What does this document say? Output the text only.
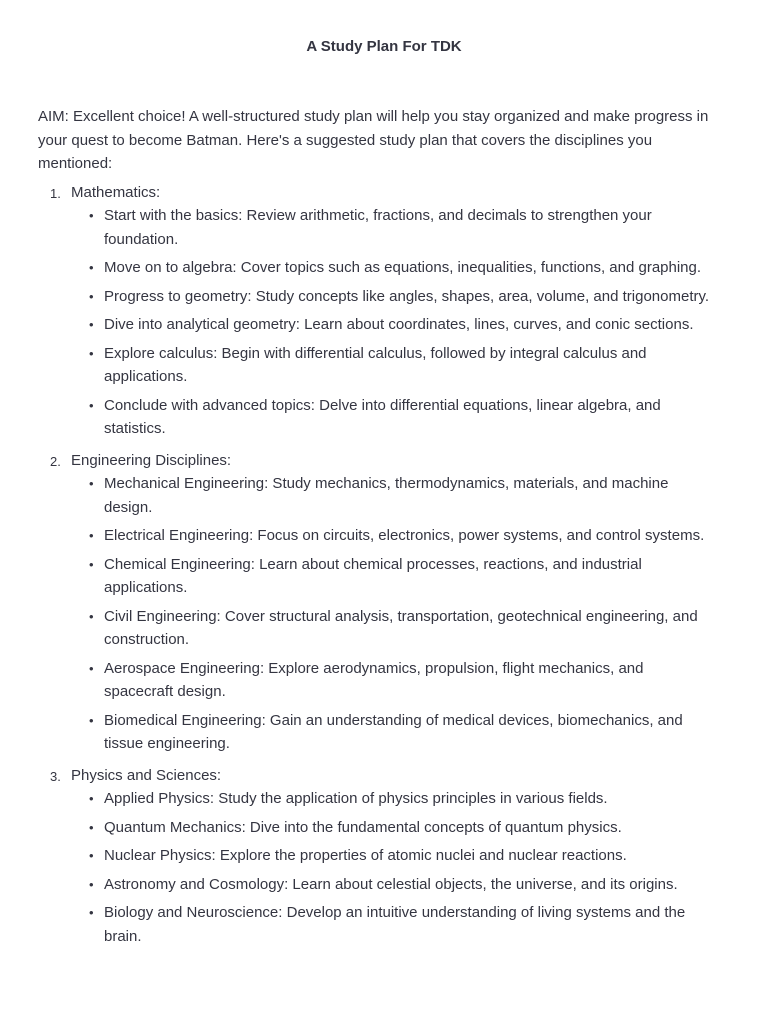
A Study Plan For TDK
AIM: Excellent choice! A well-structured study plan will help you stay organized and make progress in your quest to become Batman. Here's a suggested study plan that covers the disciplines you mentioned:
1. Mathematics:
• Start with the basics: Review arithmetic, fractions, and decimals to strengthen your foundation.
• Move on to algebra: Cover topics such as equations, inequalities, functions, and graphing.
• Progress to geometry: Study concepts like angles, shapes, area, volume, and trigonometry.
• Dive into analytical geometry: Learn about coordinates, lines, curves, and conic sections.
• Explore calculus: Begin with differential calculus, followed by integral calculus and applications.
• Conclude with advanced topics: Delve into differential equations, linear algebra, and statistics.
2. Engineering Disciplines:
• Mechanical Engineering: Study mechanics, thermodynamics, materials, and machine design.
• Electrical Engineering: Focus on circuits, electronics, power systems, and control systems.
• Chemical Engineering: Learn about chemical processes, reactions, and industrial applications.
• Civil Engineering: Cover structural analysis, transportation, geotechnical engineering, and construction.
• Aerospace Engineering: Explore aerodynamics, propulsion, flight mechanics, and spacecraft design.
• Biomedical Engineering: Gain an understanding of medical devices, biomechanics, and tissue engineering.
3. Physics and Sciences:
• Applied Physics: Study the application of physics principles in various fields.
• Quantum Mechanics: Dive into the fundamental concepts of quantum physics.
• Nuclear Physics: Explore the properties of atomic nuclei and nuclear reactions.
• Astronomy and Cosmology: Learn about celestial objects, the universe, and its origins.
• Biology and Neuroscience: Develop an intuitive understanding of living systems and the brain.
